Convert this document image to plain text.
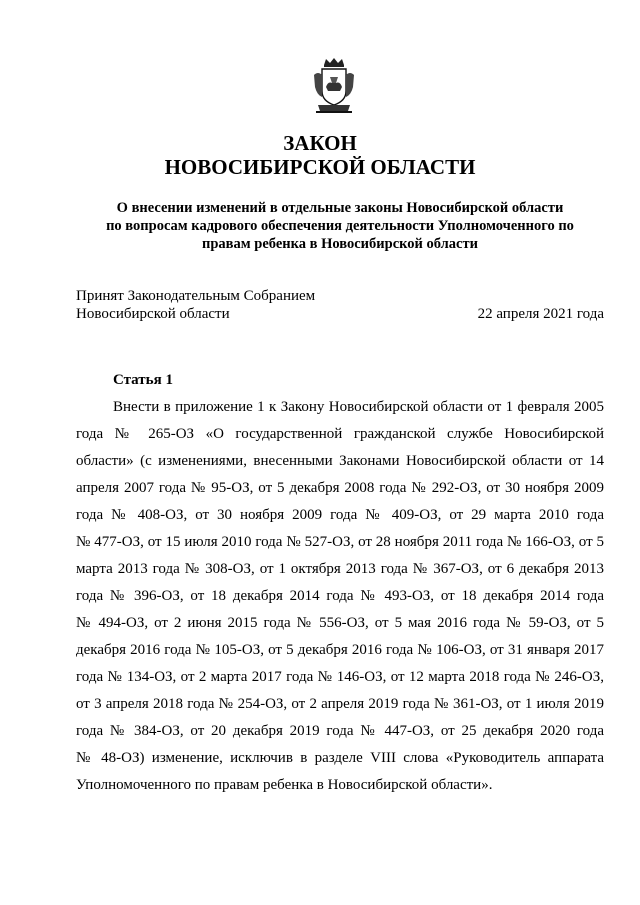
ЗАКОН
НОВОСИБИРСКОЙ ОБЛАСТИ
О внесении изменений в отдельные законы Новосибирской области
по вопросам кадрового обеспечения деятельности Уполномоченного по
правам ребенка в Новосибирской области
Принят Законодательным Собранием
Новосибирской области	22 апреля 2021 года
Статья 1
Внести в приложение 1 к Закону Новосибирской области от 1 февраля 2005
года № 265-ОЗ «О государственной гражданской службе Новосибирской
области» (с изменениями, внесенными Законами Новосибирской области от 14
апреля 2007 года № 95-ОЗ, от 5 декабря 2008 года № 292-ОЗ, от 30 ноября 2009
года № 408-ОЗ, от 30 ноября 2009 года № 409-ОЗ, от 29 марта 2010 года
№ 477-ОЗ, от 15 июля 2010 года № 527-ОЗ, от 28 ноября 2011 года № 166-ОЗ, от 5
марта 2013 года № 308-ОЗ, от 1 октября 2013 года № 367-ОЗ, от 6 декабря 2013
года № 396-ОЗ, от 18 декабря 2014 года № 493-ОЗ, от 18 декабря 2014 года
№ 494-ОЗ, от 2 июня 2015 года № 556-ОЗ, от 5 мая 2016 года № 59-ОЗ, от 5
декабря 2016 года № 105-ОЗ, от 5 декабря 2016 года № 106-ОЗ, от 31 января 2017
года № 134-ОЗ, от 2 марта 2017 года № 146-ОЗ, от 12 марта 2018 года № 246-ОЗ,
от 3 апреля 2018 года № 254-ОЗ, от 2 апреля 2019 года № 361-ОЗ, от 1 июля 2019
года № 384-ОЗ, от 20 декабря 2019 года № 447-ОЗ, от 25 декабря 2020 года
№ 48-ОЗ) изменение, исключив в разделе VIII слова «Руководитель аппарата
Уполномоченного по правам ребенка в Новосибирской области».
